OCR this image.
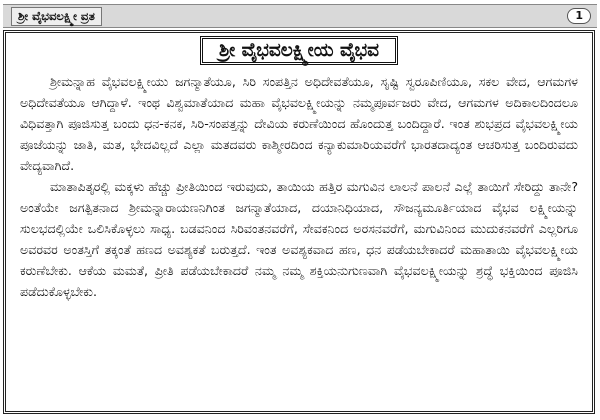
ಶ್ರೀ ವೈಭವಲಕ್ಷ್ಮೀ ವ್ರತ	1
ಶ್ರೀ ವೈಭವಲಕ್ಷ್ಮೀಯ ವೈಭವ

ಶ್ರೀಮನ್ನಾಹ ವೈಭವಲಕ್ಷ್ಮೀಯು ಜಗನ್ಮಾತೆಯೂ, ಸಿರಿ ಸಂಪತ್ತಿನ ಅಧಿದೇವತೆಯೂ, ಸೃಷ್ಟಿ ಸ್ವರೂಪಿಣಿಯೂ, ಸಕಲ ವೇದ, ಆಗಮಗಳ ಅಧಿದೇವತೆಯೂ ಆಗಿದ್ದಾಳೆ. ಇಂಥ ವಿಶ್ವಮಾತೆಯಾದ ಮಹಾ ವೈಭವಲಕ್ಷ್ಮೀಯನ್ನು ನಮ್ಮಪೂರ್ವಜರು ವೇದ, ಆಗಮಗಳ ಅದಿಕಾಲದಿಂದಲೂ ವಿಧಿವತ್ತಾಗಿ ಪೂಜಿಸುತ್ತ ಬಂದು ಧನ-ಕನಕ, ಸಿರಿ-ಸಂಪತ್ತನ್ನು ದೇವಿಯ ಕರುಣೆಯಿಂದ ಹೊಂದುತ್ತ ಬಂದಿದ್ದಾರೆ. ಇಂತ ಶುಭಪ್ರದ ವೈಭವಲಕ್ಷ್ಮೀಯ ಪೂಜೆಯನ್ನು ಜಾತಿ, ಮತ, ಭೇದವಿಲ್ಲದೆ ಎಲ್ಲಾ ಮತದವರು ಕಾಶ್ಮೀರದಿಂದ ಕನ್ಯಾಕುಮಾರಿಯವರೆಗೆ ಭಾರತದಾದ್ಯಂತ ಆಚರಿಸುತ್ತ ಬಂದಿರುವದು ವೇದ್ಯವಾಗಿದೆ.

ಮಾತಾಪಿತೃರಲ್ಲಿ ಮಕ್ಕಳು ಹೆಚ್ಚು ಪ್ರೀತಿಯಿಂದ ಇರುವುದು, ತಾಯಿಯ ಹತ್ತಿರ ಮಗುವಿನ ಲಾಲನೆ ಪಾಲನೆ ಎಲ್ಲೆ ತಾಯಿಗೆ ಸೇರಿದ್ದು ತಾನೇ? ಅಂತೆಯೇ ಜಗತ್ಪಿತನಾದ ಶ್ರೀಮನ್ನಾರಾಯಣನಿಗಿಂತ ಜಗನ್ಮಾತೆಯಾದ, ದಯಾನಿಧಿಯಾದ, ಸೌಜನ್ಯಮೂರ್ತಿಯಾದ ವೈಭವ ಲಕ್ಷ್ಮೀಯನ್ನು ಸುಲಭದಲ್ಲಿಯೇ ಒಲಿಸಿಕೊಳ್ಳಲು ಸಾಧ್ಯ. ಬಡವನಿಂದ ಸಿರಿವಂತನವರೆಗೆ, ಸೇವಕನಿಂದ ಅರಸನವರೆಗೆ, ಮಗುವಿನಿಂದ ಮುದುಕನವರೆಗೆ ಎಲ್ಲರಿಗೂ ಅವರವರ ಅಂತಸ್ತಿಗೆ ತಕ್ಕಂತೆ ಹಣದ ಅವಶ್ಯಕತೆ ಬರುತ್ತದೆ. ಇಂತ ಅವಶ್ಯಕವಾದ ಹಣ, ಧನ ಪಡೆಯಬೇಕಾದರೆ ಮಹಾತಾಯಿ ವೈಭವಲಕ್ಷ್ಮೀಯ ಕರುಣೆಬೇಕು. ಆಕೆಯ ಮಮತೆ, ಪ್ರೀತಿ ಪಡೆಯಬೇಕಾದರೆ ನಮ್ಮ ನಮ್ಮ ಶಕ್ತಿಯನುಗುಣವಾಗಿ ವೈಭವಲಕ್ಷ್ಮೀಯನ್ನು ಶ್ರದ್ಧೆ ಭಕ್ತಿಯಿಂದ ಪೂಜಿಸಿ ಪಡೆದುಕೊಳ್ಳಬೇಕು.
